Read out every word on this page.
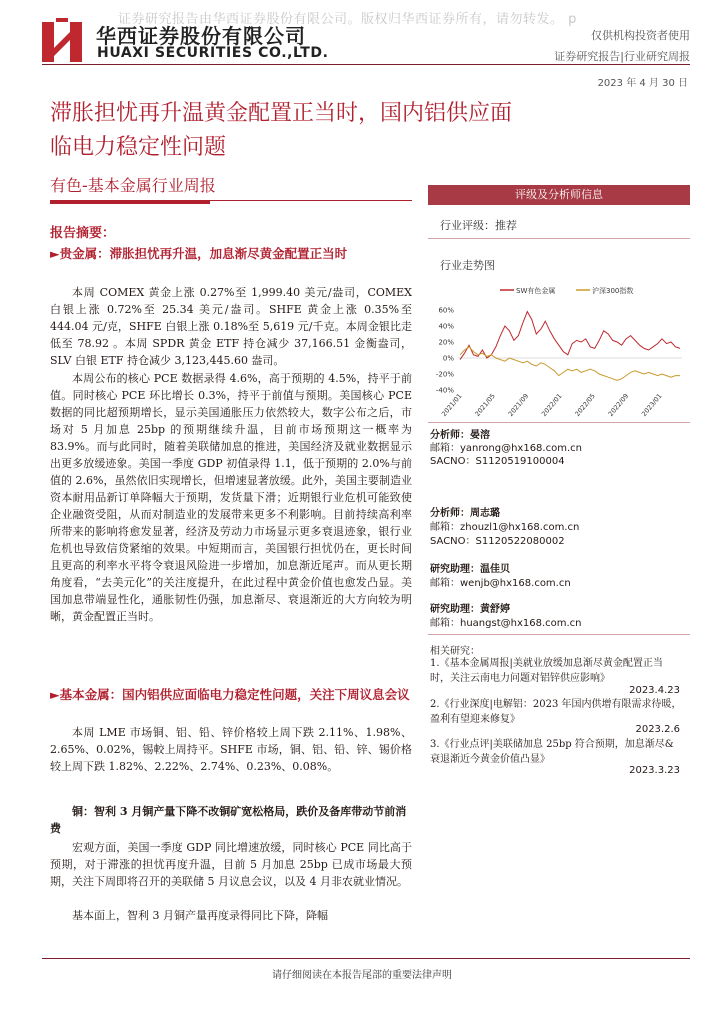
证券研究报告由华西证券股份有限公司。版权归华西证券所有，请勿转发。 p
华西证券股份有限公司
HUAXI SECURITIES CO.,LTD.
仅供机构投资者使用
证券研究报告|行业研究周报
2023 年 4 月 30 日
滞胀担忧再升温黄金配置正当时，国内铝供应面
临电力稳定性问题
有色-基本金属行业周报
报告摘要：
►贵金属：滞胀担忧再升温，加息渐尽黄金配置正当时
本周 COMEX 黄金上涨 0.27%至 1,999.40 美元/盎司，COMEX 白银上涨 0.72%至 25.34 美元/盎司。SHFE 黄金上涨 0.35%至 444.04 元/克，SHFE 白银上涨 0.18%至 5,619 元/千克。本周金银比走低至 78.92 。本周 SPDR 黄金 ETF 持仓减少 37,166.51 金衡盎司，SLV 白银 ETF 持仓减少 3,123,445.60 盎司。
本周公布的核心 PCE 数据录得 4.6%，高于预期的 4.5%，持平于前值。同时核心 PCE 环比增长 0.3%，持平于前值与预期。美国核心 PCE 数据的同比超预期增长，显示美国通胀压力依然较大，数字公布之后，市场对 5 月加息 25bp 的预期继续升温，目前市场预期这一概率为 83.9%。而与此同时，随着美联储加息的推进，美国经济及就业数据显示出更多放缓迹象。美国一季度 GDP 初值录得 1.1，低于预期的 2.0%与前值的 2.6%，虽然依旧实现增长，但增速显著放缓。此外，美国主要制造业资本耐用品新订单降幅大于预期，发货量下滑；近期银行业危机可能致使企业融资受阻，从而对制造业的发展带来更多不利影响。目前持续高利率所带来的影响将愈发显著，经济及劳动力市场显示更多衰退迹象，银行业危机也导致信贷紧缩的效果。中短期而言，美国银行担忧仍在，更长时间且更高的利率水平将令衰退风险进一步增加，加息渐近尾声。而从更长期角度看，“去美元化”的关注度提升，在此过程中黄金价值也愈发凸显。美国加息带端显性化，通胀韧性仍强，加息渐尽、衰退渐近的大方向较为明晰，黄金配置正当时。
►基本金属：国内铝供应面临电力稳定性问题，关注下周议息会议
本周 LME 市场铜、铝、铅、锌价格较上周下跌 2.11%、1.98%、2.65%、0.02%，锡較上周持平。SHFE 市场，铜、铝、铅、锌、锡价格较上周下跌 1.82%、2.22%、2.74%、0.23%、0.08%。
铜：智利 3 月铜产量下降不改铜矿宽松格局，跌价及备库带动节前消费
宏观方面，美国一季度 GDP 同比增速放缓，同时核心 PCE 同比高于预期，对于滞涨的担忧再度升温，目前 5 月加息 25bp 已成市场最大预期，关注下周即将召开的美联储 5 月议息会议，以及 4 月非农就业情况。
基本面上，智利 3 月铜产量再度录得同比下降，降幅
评级及分析师信息
行业评级：推荐
行业走势图
SW有色金属	沪深300指数
60%
40%
20%
0%
-20%
-40%
2021/01 2021/05 2021/09 2022/01 2022/05 2022/09 2023/01
分析师：晏溶
邮箱：yanrong@hx168.com.cn
SACNO：S1120519100004
分析师：周志璐
邮箱：zhouzl1@hx168.com.cn
SACNO：S1120522080002
研究助理：温佳贝
邮箱：wenjb@hx168.com.cn
研究助理：黄舒婷
邮箱：huangst@hx168.com.cn
相关研究：
1.《基本金属周报|美就业放缓加息渐尽黄金配置正当时，关注云南电力问题对铝锌供应影响》
2023.4.23
2.《行业深度|电解铝：2023 年国内供增有限需求待暖，盈利有望迎来修复》
2023.2.6
3.《行业点评|美联储加息 25bp 符合预期，加息渐尽&衰退渐近今黄金价值凸显》
2023.3.23
请仔细阅读在本报告尾部的重要法律声明
